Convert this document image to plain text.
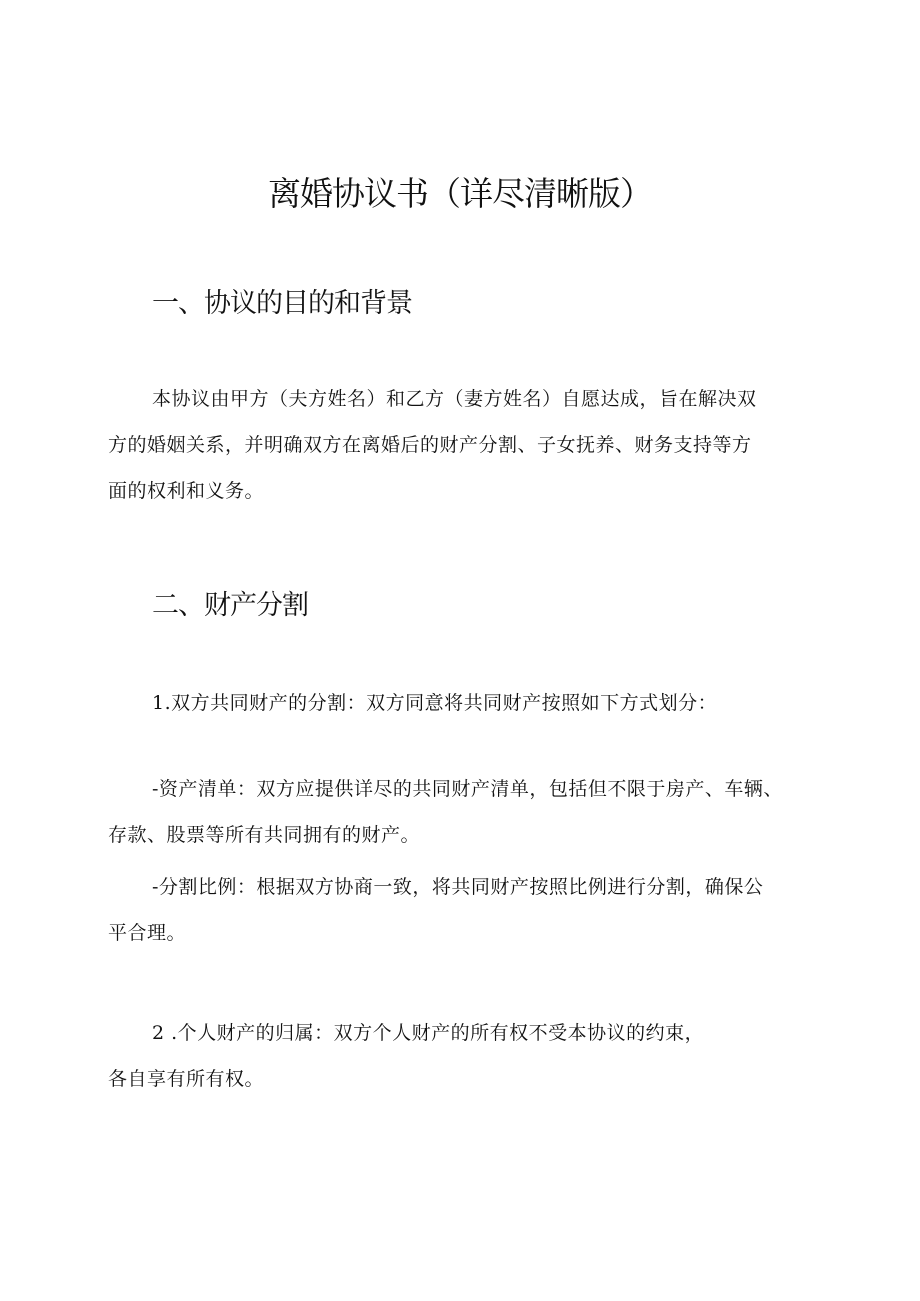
离婚协议书（详尽清晰版）
一、协议的目的和背景
本协议由甲方（夫方姓名）和乙方（妻方姓名）自愿达成，旨在解决双
方的婚姻关系，并明确双方在离婚后的财产分割、子女抚养、财务支持等方
面的权利和义务。
二、财产分割
1.双方共同财产的分割：双方同意将共同财产按照如下方式划分：
-资产清单：双方应提供详尽的共同财产清单，包括但不限于房产、车辆、
存款、股票等所有共同拥有的财产。
-分割比例：根据双方协商一致，将共同财产按照比例进行分割，确保公
平合理。
2 .个人财产的归属：双方个人财产的所有权不受本协议的约束，
各自享有所有权。
